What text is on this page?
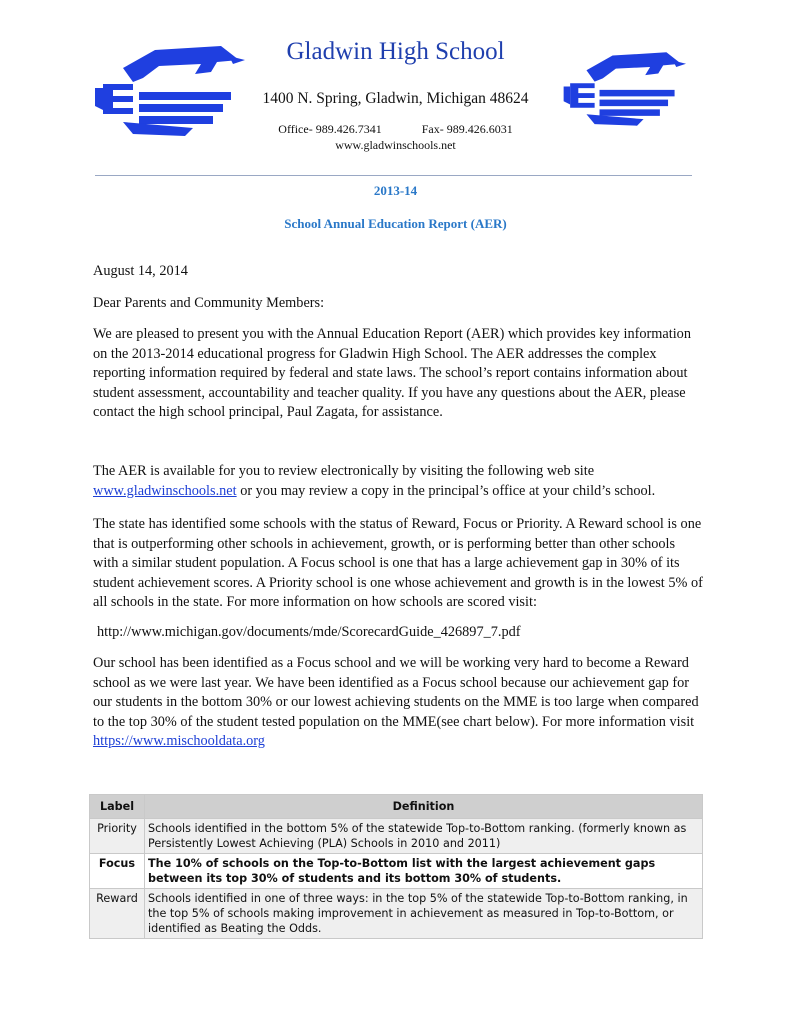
Gladwin High School
1400 N. Spring, Gladwin, Michigan 48624
Office- 989.426.7341	Fax- 989.426.6031
www.gladwinschools.net
2013-14
School Annual Education Report (AER)

August 14, 2014

Dear Parents and Community Members:

We are pleased to present you with the Annual Education Report (AER) which provides key information on the 2013-2014 educational progress for Gladwin High School. The AER addresses the complex reporting information required by federal and state laws. The school’s report contains information about student assessment, accountability and teacher quality. If you have any questions about the AER, please contact the high school principal, Paul Zagata, for assistance.

The AER is available for you to review electronically by visiting the following web site
www.gladwinschools.net or you may review a copy in the principal’s office at your child’s school.

The state has identified some schools with the status of Reward, Focus or Priority. A Reward school is one that is outperforming other schools in achievement, growth, or is performing better than other schools with a similar student population. A Focus school is one that has a large achievement gap in 30% of its student achievement scores. A Priority school is one whose achievement and growth is in the lowest 5% of all schools in the state. For more information on how schools are scored visit:

http://www.michigan.gov/documents/mde/ScorecardGuide_426897_7.pdf

Our school has been identified as a Focus school and we will be working very hard to become a Reward school as we were last year. We have been identified as a Focus school because our achievement gap for our students in the bottom 30% or our lowest achieving students on the MME is too large when compared to the top 30% of the student tested population on the MME(see chart below). For more information visit
https://www.mischooldata.org

Label	Definition
Priority	Schools identified in the bottom 5% of the statewide Top-to-Bottom ranking. (formerly known as Persistently Lowest Achieving (PLA) Schools in 2010 and 2011)
Focus	The 10% of schools on the Top-to-Bottom list with the largest achievement gaps between its top 30% of students and its bottom 30% of students.
Reward	Schools identified in one of three ways: in the top 5% of the statewide Top-to-Bottom ranking, in the top 5% of schools making improvement in achievement as measured in Top-to-Bottom, or identified as Beating the Odds.
